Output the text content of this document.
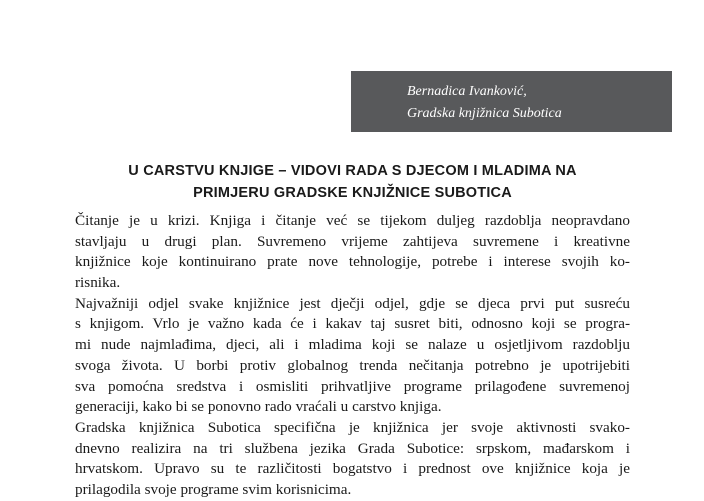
Bernadica Ivanković,
Gradska knjižnica Subotica
U CARSTVU KNJIGE – VIDOVI RADA S DJECOM I MLADIMA NA
PRIMJERU GRADSKE KNJIŽNICE SUBOTICA
Čitanje je u krizi. Knjiga i čitanje već se tijekom duljeg razdoblja neopravdano
stavljaju u drugi plan. Suvremeno vrijeme zahtijeva suvremene i kreativne
knjižnice koje kontinuirano prate nove tehnologije, potrebe i interese svojih ko-
risnika.
Najvažniji odjel svake knjižnice jest dječji odjel, gdje se djeca prvi put susreću
s knjigom. Vrlo je važno kada će i kakav taj susret biti, odnosno koji se progra-
mi nude najmlađima, djeci, ali i mladima koji se nalaze u osjetljivom razdoblju
svoga života. U borbi protiv globalnog trenda nečitanja potrebno je upotrijebiti
sva pomoćna sredstva i osmisliti prihvatljive programe prilagođene suvremenoj
generaciji, kako bi se ponovno rado vraćali u carstvo knjiga.
Gradska knjižnica Subotica specifična je knjižnica jer svoje aktivnosti svako-
dnevno realizira na tri službena jezika Grada Subotice: srpskom, mađarskom i
hrvatskom. Upravo su te različitosti bogatstvo i prednost ove knjižnice koja je
prilagodila svoje programe svim korisnicima.
